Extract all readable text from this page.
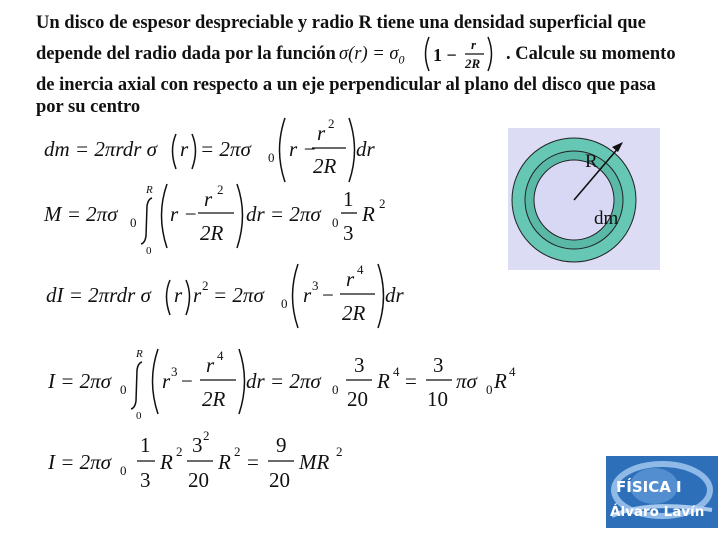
Un disco de espesor despreciable y radio R tiene una densidad superficial que
depende del radio dada por la función $\sigma(r) = \sigma_0$ 1 −
r
2R . Calcule su momento
de inercia axial con respecto a un eje perpendicular al plano del disco que pasa
por su centro
dm = 2πrdr σ r = 2πσ 0 r −
r 2
2R
dr
M = 2πσ 0
R
0
r −
r 2
2R
dr = 2πσ 0
1
3
R 2
dI = 2πrdr σ r r 2 = 2πσ 0 r 3 −
r 4
2R
dr
I = 2πσ 0
R
0
r 3 −
r 4
2R
dr = 2πσ 0
3
20
R 4 =
3
10
πσ 0 R 4
I = 2πσ 0
1
3
R 2 3 2
20
R 2 =
9
20
MR 2
R
dm
FÍSICA I
Álvaro Lavín
